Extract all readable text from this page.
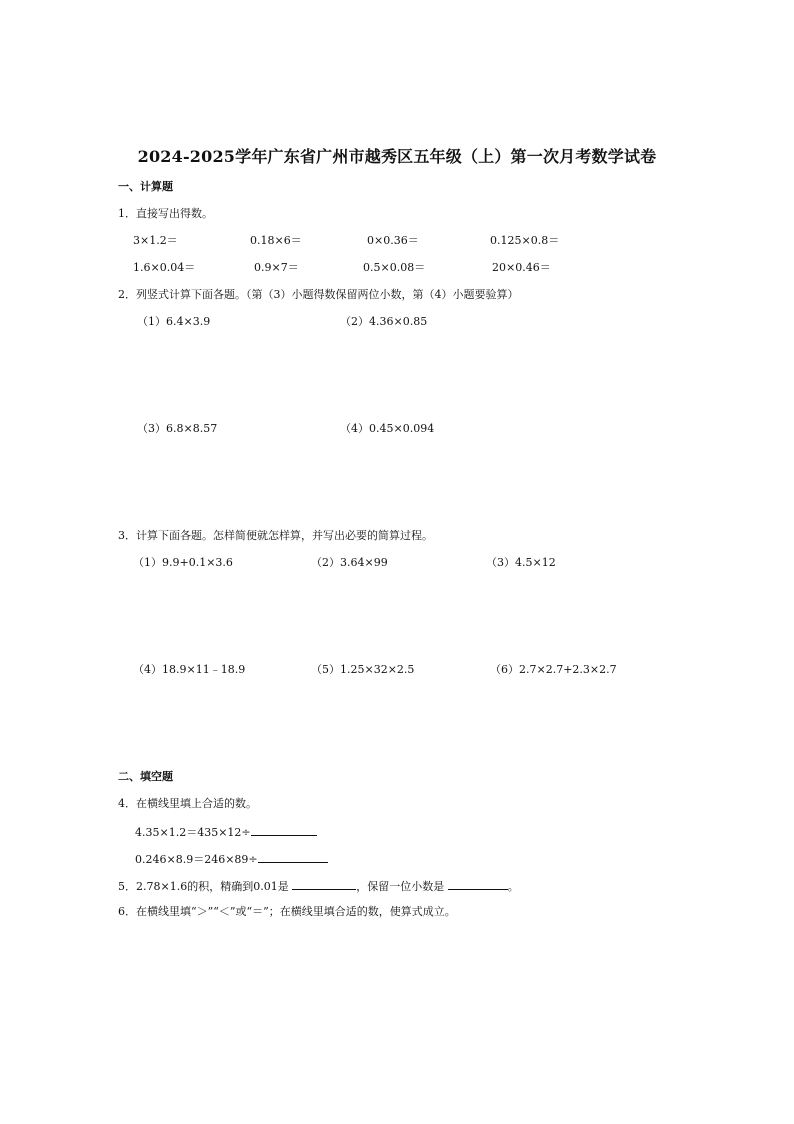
2024-2025学年广东省广州市越秀区五年级（上）第一次月考数学试卷
一、计算题
1．直接写出得数。
3×1.2＝	0.18×6＝	0×0.36＝	0.125×0.8＝
1.6×0.04＝	0.9×7＝	0.5×0.08＝	20×0.46＝
2．列竖式计算下面各题。（第（3）小题得数保留两位小数，第（4）小题要验算）
（1）6.4×3.9	（2）4.36×0.85
（3）6.8×8.57	（4）0.45×0.094
3．计算下面各题。怎样简便就怎样算，并写出必要的简算过程。
（1）9.9+0.1×3.6	（2）3.64×99	（3）4.5×12
（4）18.9×11﹣18.9	（5）1.25×32×2.5	（6）2.7×2.7+2.3×2.7
二、填空题
4．在横线里填上合适的数。
4.35×1.2＝435×12÷
0.246×8.9＝246×89÷
5．2.78×1.6的积，精确到0.01是	，保留一位小数是	。
6．在横线里填“＞”“＜”或“＝”；在横线里填合适的数，使算式成立。
